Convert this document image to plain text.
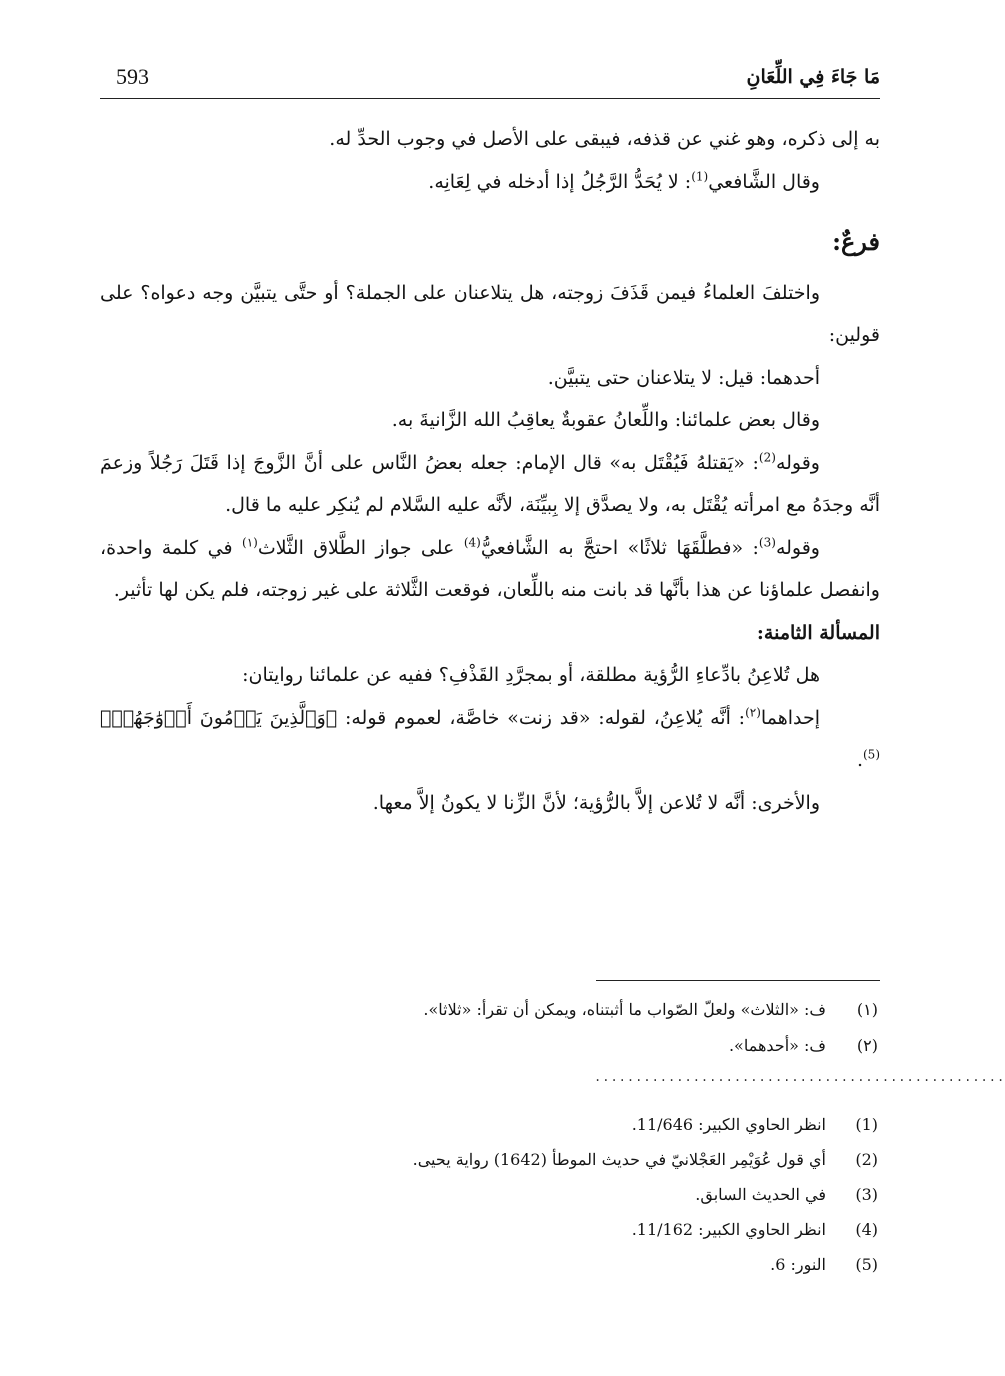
593	مَا جَاءَ فِي اللِّعَانِ

به إلى ذكره، وهو غني عن قذفه، فيبقى على الأصل في وجوب الحدِّ له.

وقال الشَّافعي$^{(1)}$: لا يُحَدُّ الرَّجُلُ إذا أدخله في لِعَانِه.

فرعٌ:

واختلفَ العلماءُ فيمن قَذَفَ زوجته، هل يتلاعنان على الجملة؟ أو حتَّى يتبيَّن وجه دعواه؟ على قولين:

أحدهما: قيل: لا يتلاعنان حتى يتبيَّن.

وقال بعض علمائنا: واللِّعانُ عقوبةٌ يعاقِبُ الله الزَّانيةَ به.

وقوله$^{(2)}$: «يَقتلهُ فَيُقْتَل به» قال الإمام: جعله بعضُ النَّاس على أنَّ الزَّوجَ إذا قَتَلَ رَجُلاً وزعمَ أنَّه وجدَهُ مع امرأته يُقْتَل به، ولا يصدَّق إلا بِبيِّنَة، لأنَّه عليه السَّلام لم يُنكِر عليه ما قال.

وقوله$^{(3)}$: «فطلَّقَهَا ثلاثًا» احتجَّ به الشَّافعيُّ$^{(4)}$ على جواز الطَّلاق الثَّلاث$^{(١)}$ في كلمة واحدة، وانفصل علماؤنا عن هذا بأنَّها قد بانت منه باللِّعان، فوقعت الثَّلاثة على غير زوجته، فلم يكن لها تأثير.

المسألة الثامنة:

هل تُلاعِنُ بادِّعاءِ الرُّؤية مطلقة، أو بمجرَّدِ القَذْفِ؟ ففيه عن علمائنا روايتان:

إحداهما$^{(٢)}$: أنَّه يُلاعِنُ، لقوله: «قد زنت» خاصَّة، لعموم قوله: ﴿وَٱلَّذِينَ يَرۡمُونَ أَزۡوَٰجَهُمۡ﴾$^{(5)}$.

والأخرى: أنَّه لا تُلاعن إلاَّ بالرُّؤية؛ لأنَّ الزِّنا لا يكونُ إلاَّ معها.

(١)
ف: «الثلاث» ولعلّ الصّواب ما أثبتناه، ويمكن أن تقرأ: «ثلاثا».
(٢)
ف: «أحدهما».
..................................................
(1)
انظر الحاوي الكبير: 11/646.
(2)
أي قول عُوَيْمِر العَجْلانيّ في حديث الموطأ (1642) رواية يحيى.
(3)
في الحديث السابق.
(4)
انظر الحاوي الكبير: 11/162.
(5)
النور: 6.
